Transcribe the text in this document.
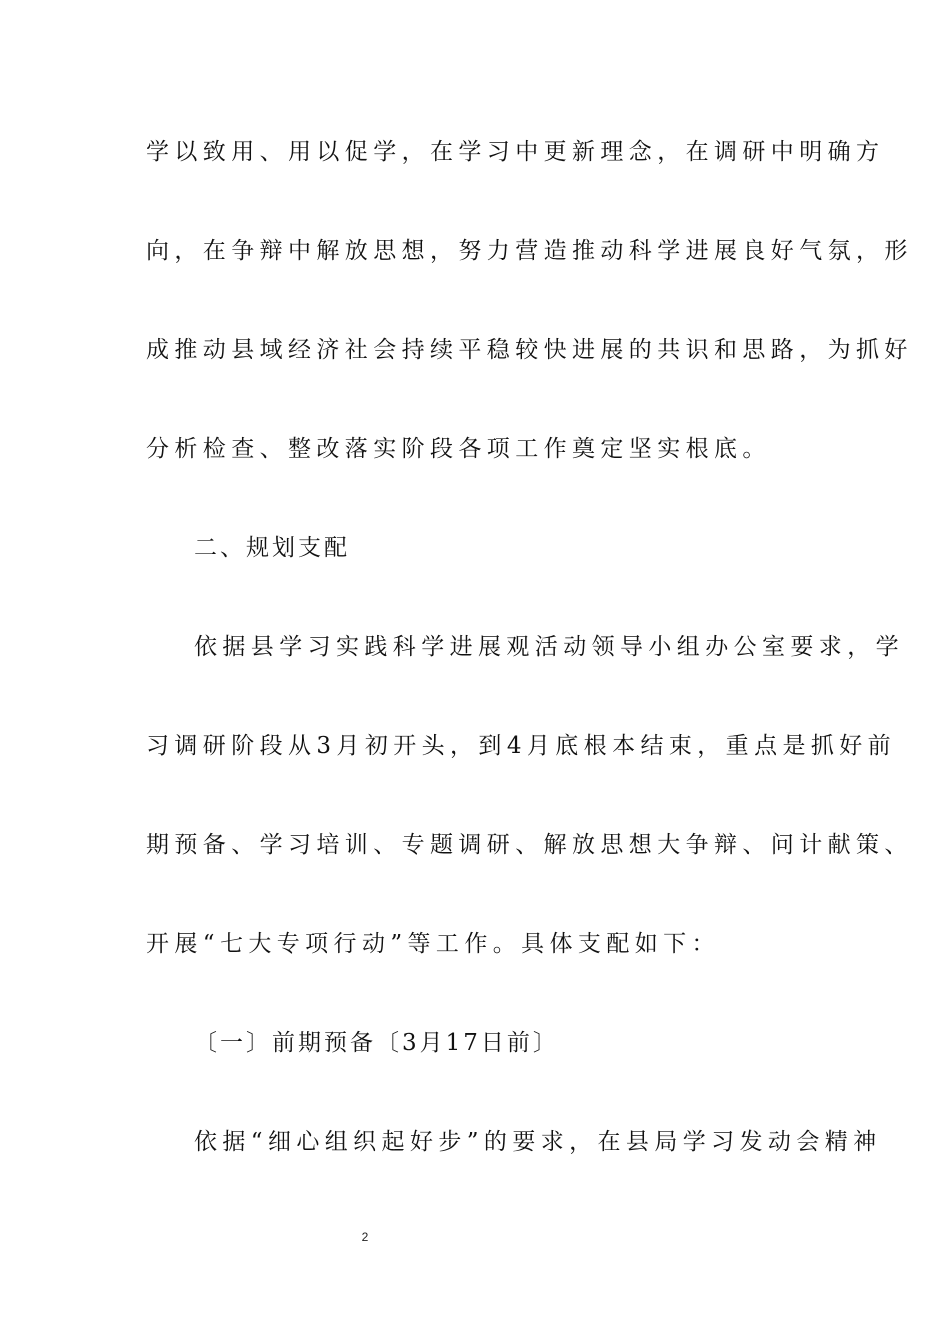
学以致用、用以促学，在学习中更新理念，在调研中明确方
向，在争辩中解放思想，努力营造推动科学进展良好气氛，形
成推动县域经济社会持续平稳较快进展的共识和思路，为抓好
分析检查、整改落实阶段各项工作奠定坚实根底。
二、规划支配
依据县学习实践科学进展观活动领导小组办公室要求，学
习调研阶段从3月初开头，到4月底根本结束，重点是抓好前
期预备、学习培训、专题调研、解放思想大争辩、问计献策、
开展“七大专项行动”等工作。具体支配如下：
〔一〕前期预备〔3月17日前〕
依据“细心组织起好步”的要求，在县局学习发动会精神
2
